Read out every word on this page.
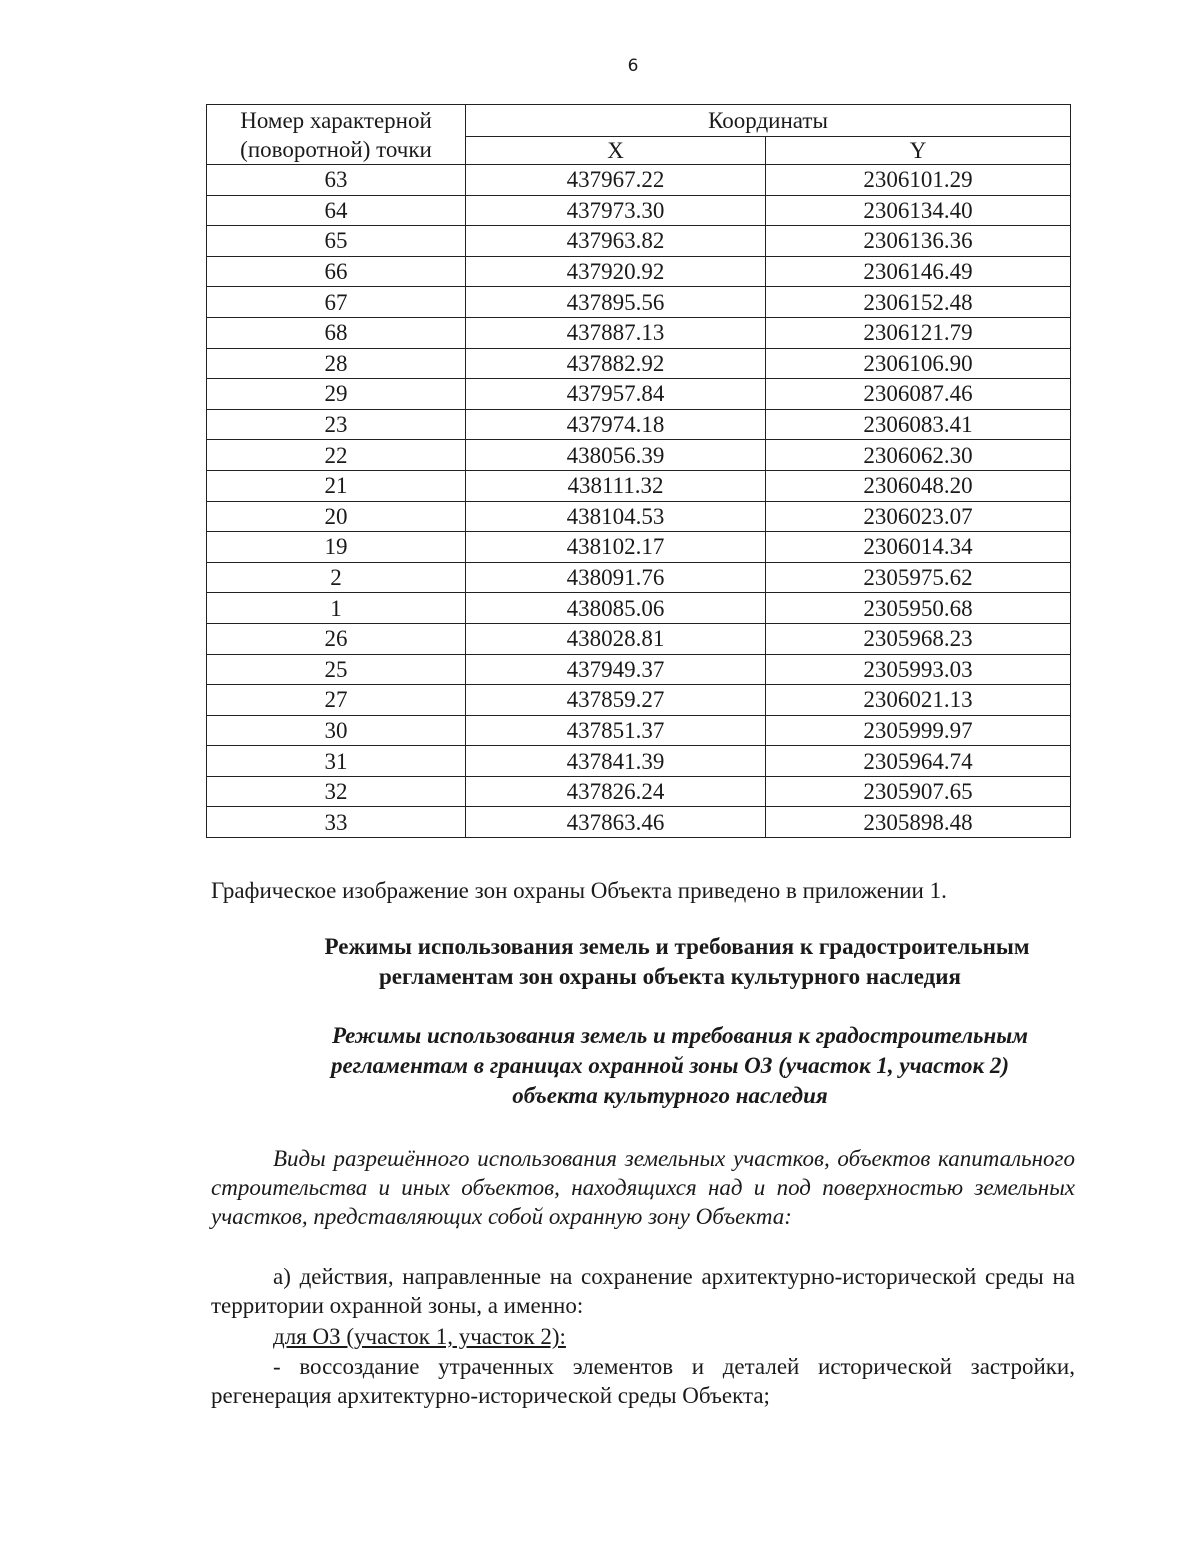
6
Номер характерной (поворотной) точки	Координаты	
	X	Y
63	437967.22	2306101.29
64	437973.30	2306134.40
65	437963.82	2306136.36
66	437920.92	2306146.49
67	437895.56	2306152.48
68	437887.13	2306121.79
28	437882.92	2306106.90
29	437957.84	2306087.46
23	437974.18	2306083.41
22	438056.39	2306062.30
21	438111.32	2306048.20
20	438104.53	2306023.07
19	438102.17	2306014.34
2	438091.76	2305975.62
1	438085.06	2305950.68
26	438028.81	2305968.23
25	437949.37	2305993.03
27	437859.27	2306021.13
30	437851.37	2305999.97
31	437841.39	2305964.74
32	437826.24	2305907.65
33	437863.46	2305898.48

Графическое изображение зон охраны Объекта приведено в приложении 1.

Режимы использования земель и требования к градостроительным
регламентам зон охраны объекта культурного наследия
Режимы использования земель и требования к градостроительным
регламентам в границах охранной зоны ОЗ (участок 1, участок 2)
объекта культурного наследия

Виды разрешённого использования земельных участков, объектов капитального строительства и иных объектов, находящихся над и под поверхностью земельных участков, представляющих собой охранную зону Объекта:

а) действия, направленные на сохранение архитектурно-исторической среды на территории охранной зоны, а именно:

для ОЗ (участок 1, участок 2):

- воссоздание утраченных элементов и деталей исторической застройки, регенерация архитектурно-исторической среды Объекта;
